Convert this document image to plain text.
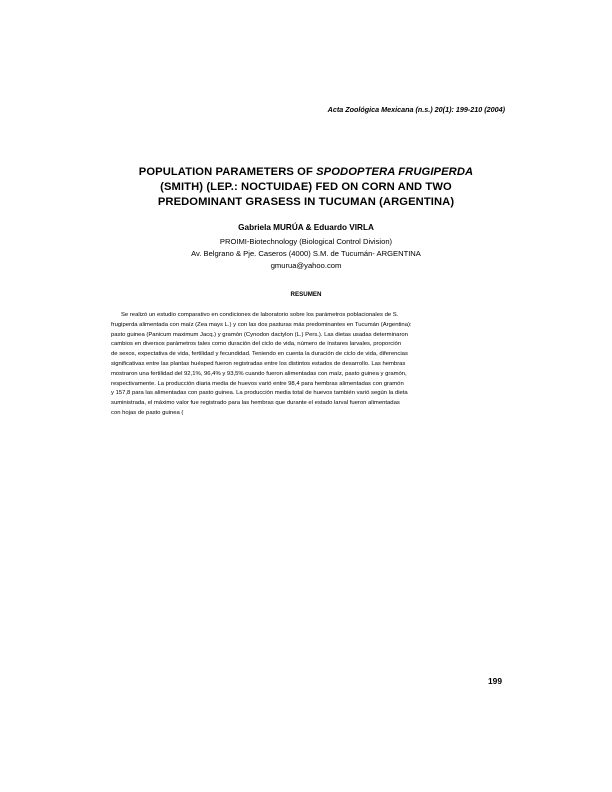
Acta Zoológica Mexicana (n.s.) 20(1): 199-210 (2004)
POPULATION PARAMETERS OF SPODOPTERA FRUGIPERDA
(SMITH) (LEP.: NOCTUIDAE) FED ON CORN AND TWO
PREDOMINANT GRASESS IN TUCUMAN (ARGENTINA)
Gabriela MURÚA & Eduardo VIRLA
PROIMI-Biotechnology (Biological Control Division)
Av. Belgrano & Pje. Caseros (4000) S.M. de Tucumán- ARGENTINA
gmurua@yahoo.com
RESUMEN
Se realizó un estudio comparativo en condiciones de laboratorio sobre los parámetros poblacionales de S.
frugiperda alimentada con maíz (Zea mays L.) y con las dos pasturas más predominantes en Tucumán (Argentina):
pasto guinea (Panicum maximum Jacq.) y gramón (Cynodon dactylon (L.) Pers.). Las dietas usadas determinaron
cambios en diversos parámetros tales como duración del ciclo de vida, número de ínstares larvales, proporción
de sexos, expectativa de vida, fertilidad y fecundidad. Teniendo en cuenta la duración de ciclo de vida, diferencias
significativas entre las plantas huésped fueron registradas entre los distintos estados de desarrollo. Las hembras
mostraron una fertilidad del 92,1%, 96,4% y 93,5% cuando fueron alimentadas con maíz, pasto guinea y gramón,
respectivamente. La producción diaria media de huevos varió entre 98,4 para hembras alimentadas con gramón
y 157,8 para las alimentadas con pasto guinea. La producción media total de huevos también varió según la dieta
suministrada, el máximo valor fue registrado para las hembras que durante el estado larval fueron alimentadas
con hojas de pasto guinea (
199
